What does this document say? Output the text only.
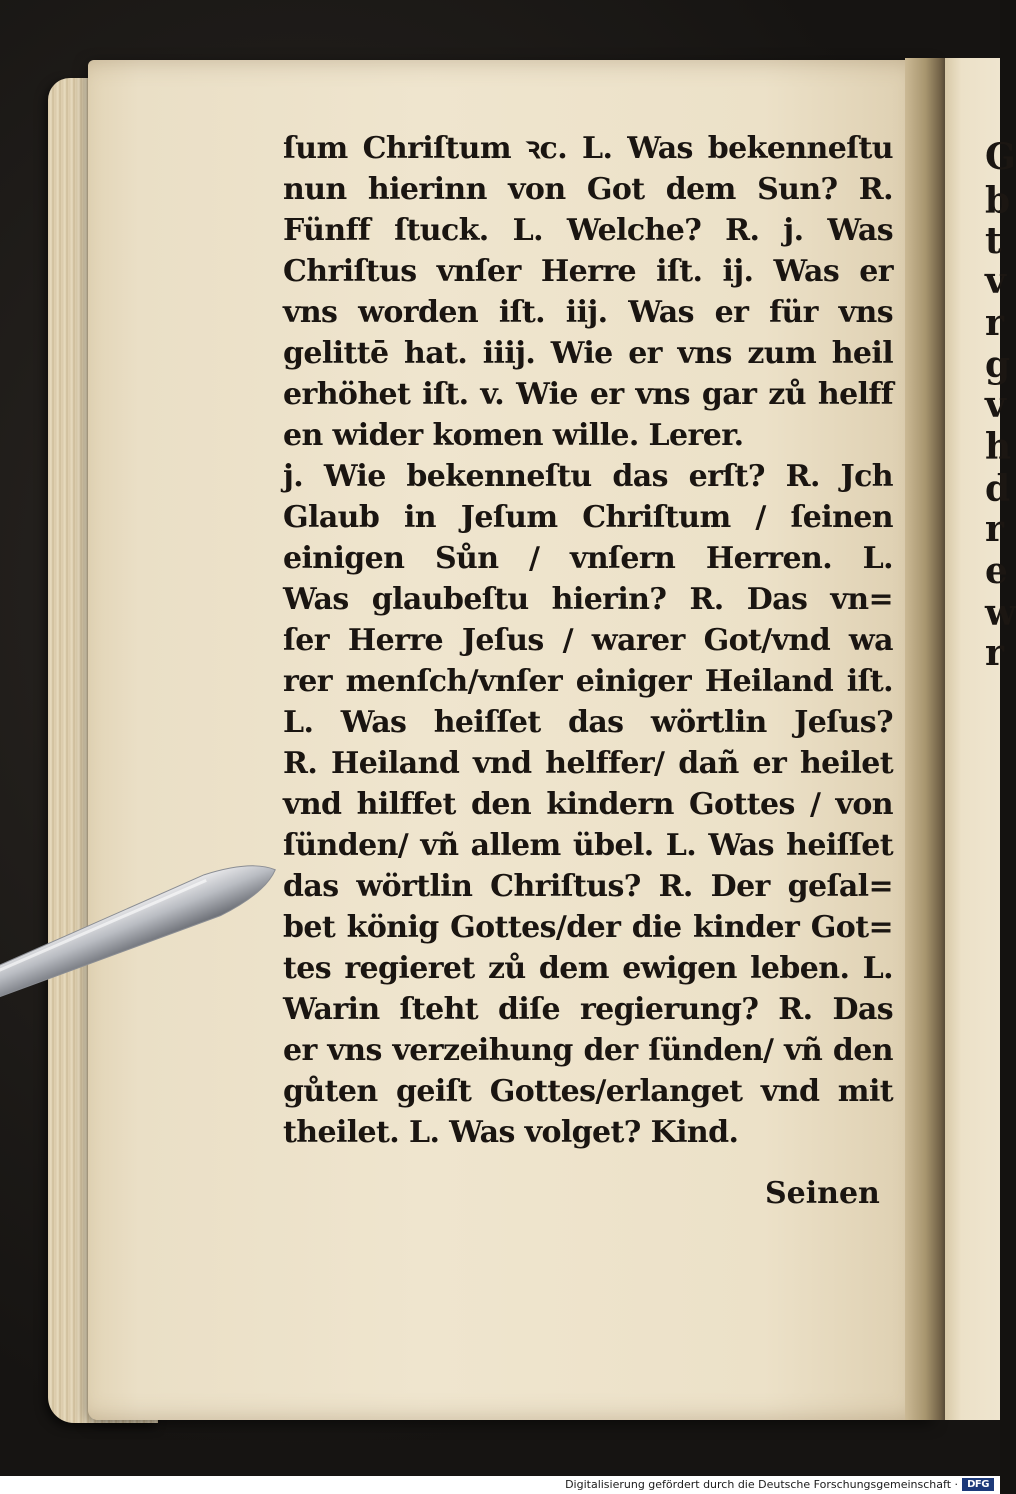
G
b
t
v
r
g
v
h
d
r
e
w
r
ſum Chriſtum ꝛc. L. Was bekenneſtu
nun hierinn von Got dem Sun? R.
Fünff ſtuck. L. Welche? R. j. Was
Chriſtus vnſer Herre iſt. ij. Was er
vns worden iſt. iij. Was er für vns
gelittē hat. iiij. Wie er vns zum heil
erhöhet iſt. v. Wie er vns gar zů helff
en wider komen wille. Lerer.
j. Wie bekenneſtu das erſt? R. Jch
Glaub in Jeſum Chriſtum / ſeinen
einigen Sůn / vnſern Herren. L.
Was glaubeſtu hierin? R. Das vn=
ſer Herre Jeſus / warer Got/vnd wa
rer menſch/vnſer einiger Heiland iſt.
L. Was heiſſet das wörtlin Jeſus?
R. Heiland vnd helffer/ dañ er heilet
vnd hilffet den kindern Gottes / von
ſünden/ vñ allem übel. L. Was heiſſet
das wörtlin Chriſtus? R. Der geſal=
bet könig Gottes/der die kinder Got=
tes regieret zů dem ewigen leben. L.
Warin ſteht diſe regierung? R. Das
er vns verzeihung der ſünden/ vñ den
gůten geiſt Gottes/erlanget vnd mit
theilet. L. Was volget? Kind.
Seinen
Digitalisierung gefördert durch die Deutsche Forschungsgemeinschaft · DFG
